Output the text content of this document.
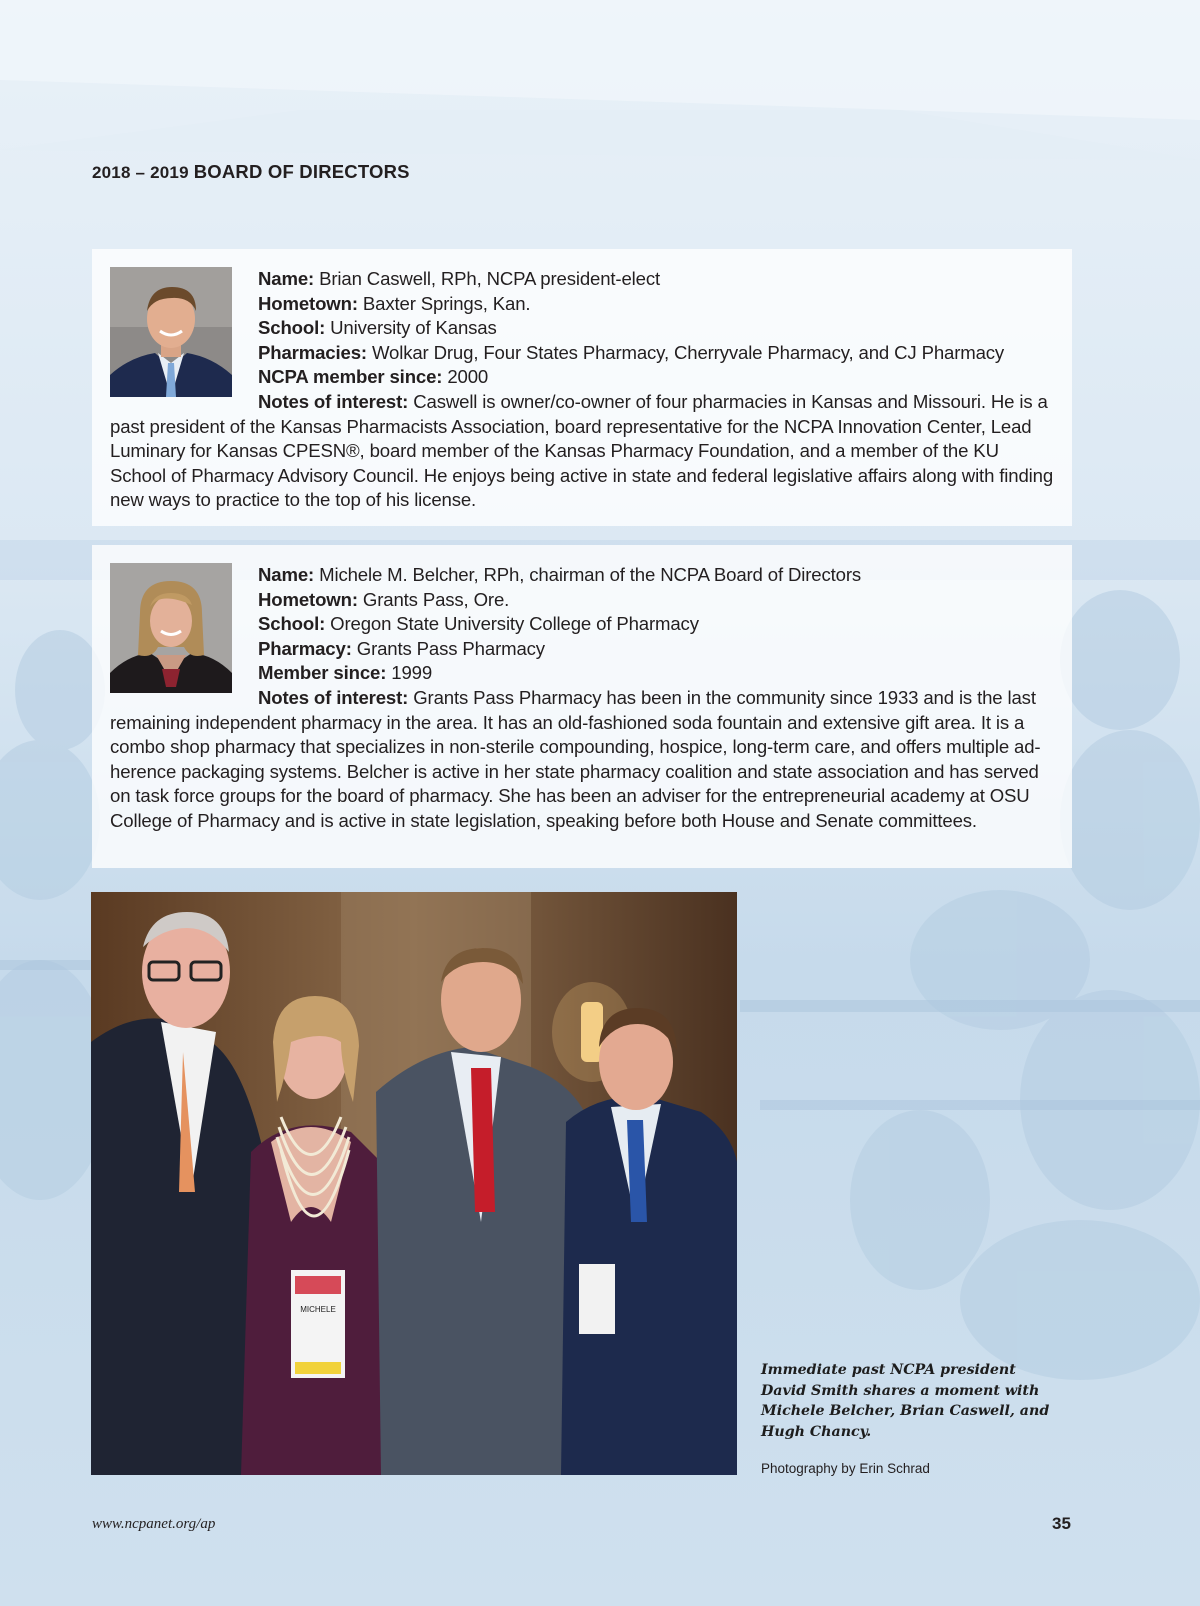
2018 – 2019 BOARD OF DIRECTORS
Name: Brian Caswell, RPh, NCPA president-elect
Hometown: Baxter Springs, Kan.
School: University of Kansas
Pharmacies: Wolkar Drug, Four States Pharmacy, Cherryvale Pharmacy, and CJ Pharmacy
NCPA member since: 2000
Notes of interest: Caswell is owner/co-owner of four pharmacies in Kansas and Missouri. He is a past president of the Kansas Pharmacists Association, board representative for the NCPA Innovation Center, Lead Luminary for Kansas CPESN®, board member of the Kansas Pharmacy Foundation, and a member of the KU School of Pharmacy Advisory Council. He enjoys being active in state and federal legislative affairs along with finding new ways to practice to the top of his license.
Name: Michele M. Belcher, RPh, chairman of the NCPA Board of Directors
Hometown: Grants Pass, Ore.
School: Oregon State University College of Pharmacy
Pharmacy: Grants Pass Pharmacy
Member since: 1999
Notes of interest: Grants Pass Pharmacy has been in the community since 1933 and is the last remaining independent pharmacy in the area. It has an old-fashioned soda fountain and extensive gift area. It is a combo shop pharmacy that specializes in non-sterile compounding, hospice, long-term care, and offers multiple ad-herence packaging systems. Belcher is active in her state pharmacy coalition and state association and has served on task force groups for the board of pharmacy. She has been an adviser for the entrepreneurial academy at OSU College of Pharmacy and is active in state legislation, speaking before both House and Senate committees.
MICHELE
Immediate past NCPA president David Smith shares a moment with Michele Belcher, Brian Caswell, and Hugh Chancy.
Photography by Erin Schrad
www.ncpanet.org/ap	35
